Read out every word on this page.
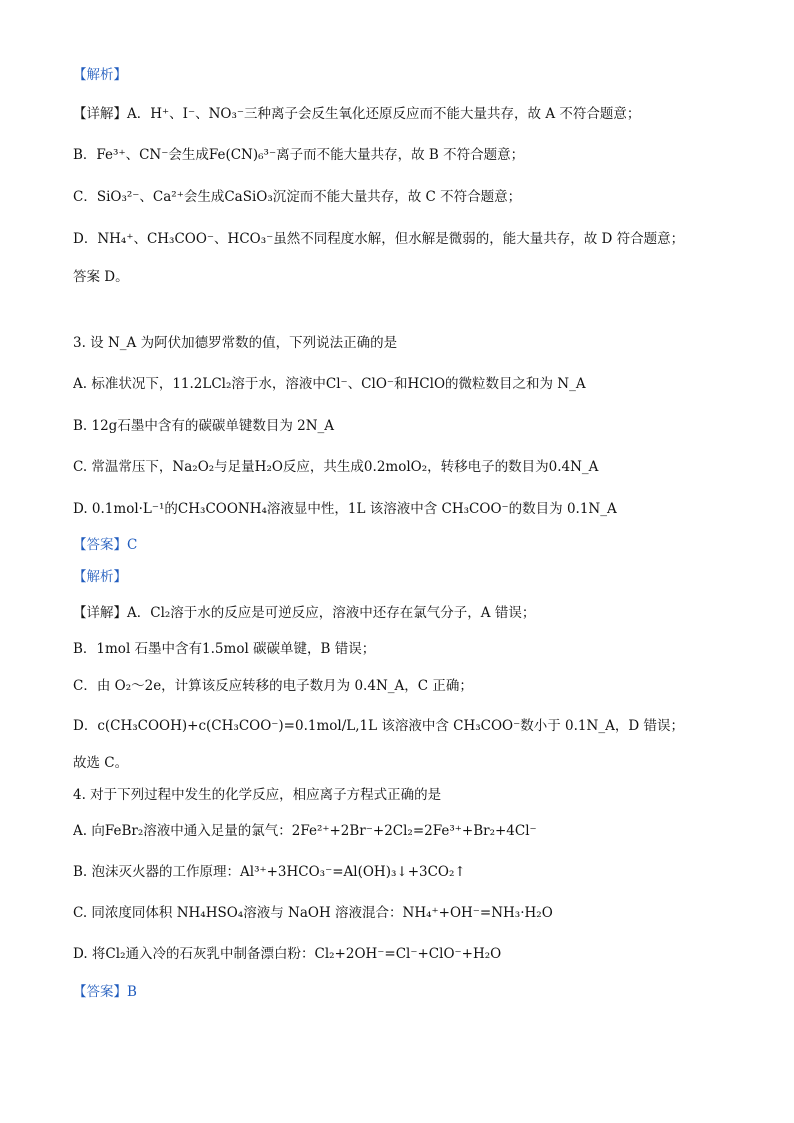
【解析】
【详解】A．H⁺、I⁻、NO₃⁻三种离子会反生氧化还原反应而不能大量共存，故 A 不符合题意；
B．Fe³⁺、CN⁻会生成Fe(CN)₆³⁻离子而不能大量共存，故 B 不符合题意；
C．SiO₃²⁻、Ca²⁺会生成CaSiO₃沉淀而不能大量共存，故 C 不符合题意；
D．NH₄⁺、CH₃COO⁻、HCO₃⁻虽然不同程度水解，但水解是微弱的，能大量共存，故 D 符合题意；
答案 D。
3. 设 N_A 为阿伏加德罗常数的值，下列说法正确的是
A. 标准状况下，11.2LCl₂溶于水，溶液中Cl⁻、ClO⁻和HClO的微粒数目之和为 N_A
B. 12g石墨中含有的碳碳单键数目为 2N_A
C. 常温常压下，Na₂O₂与足量H₂O反应，共生成0.2molO₂，转移电子的数目为0.4N_A
D. 0.1mol·L⁻¹的CH₃COONH₄溶液显中性，1L 该溶液中含 CH₃COO⁻的数目为 0.1N_A
【答案】C
【解析】
【详解】A．Cl₂溶于水的反应是可逆反应，溶液中还存在氯气分子，A 错误；
B．1mol 石墨中含有1.5mol 碳碳单键，B 错误；
C．由 O₂～2e，计算该反应转移的电子数月为 0.4N_A，C 正确；
D．c(CH₃COOH)+c(CH₃COO⁻)=0.1mol/L,1L 该溶液中含 CH₃COO⁻数小于 0.1N_A，D 错误；
故选 C。
4. 对于下列过程中发生的化学反应，相应离子方程式正确的是
A. 向FeBr₂溶液中通入足量的氯气：2Fe²⁺+2Br⁻+2Cl₂=2Fe³⁺+Br₂+4Cl⁻
B. 泡沫灭火器的工作原理：Al³⁺+3HCO₃⁻=Al(OH)₃↓+3CO₂↑
C. 同浓度同体积 NH₄HSO₄溶液与 NaOH 溶液混合：NH₄⁺+OH⁻=NH₃·H₂O
D. 将Cl₂通入冷的石灰乳中制备漂白粉：Cl₂+2OH⁻=Cl⁻+ClO⁻+H₂O
【答案】B
